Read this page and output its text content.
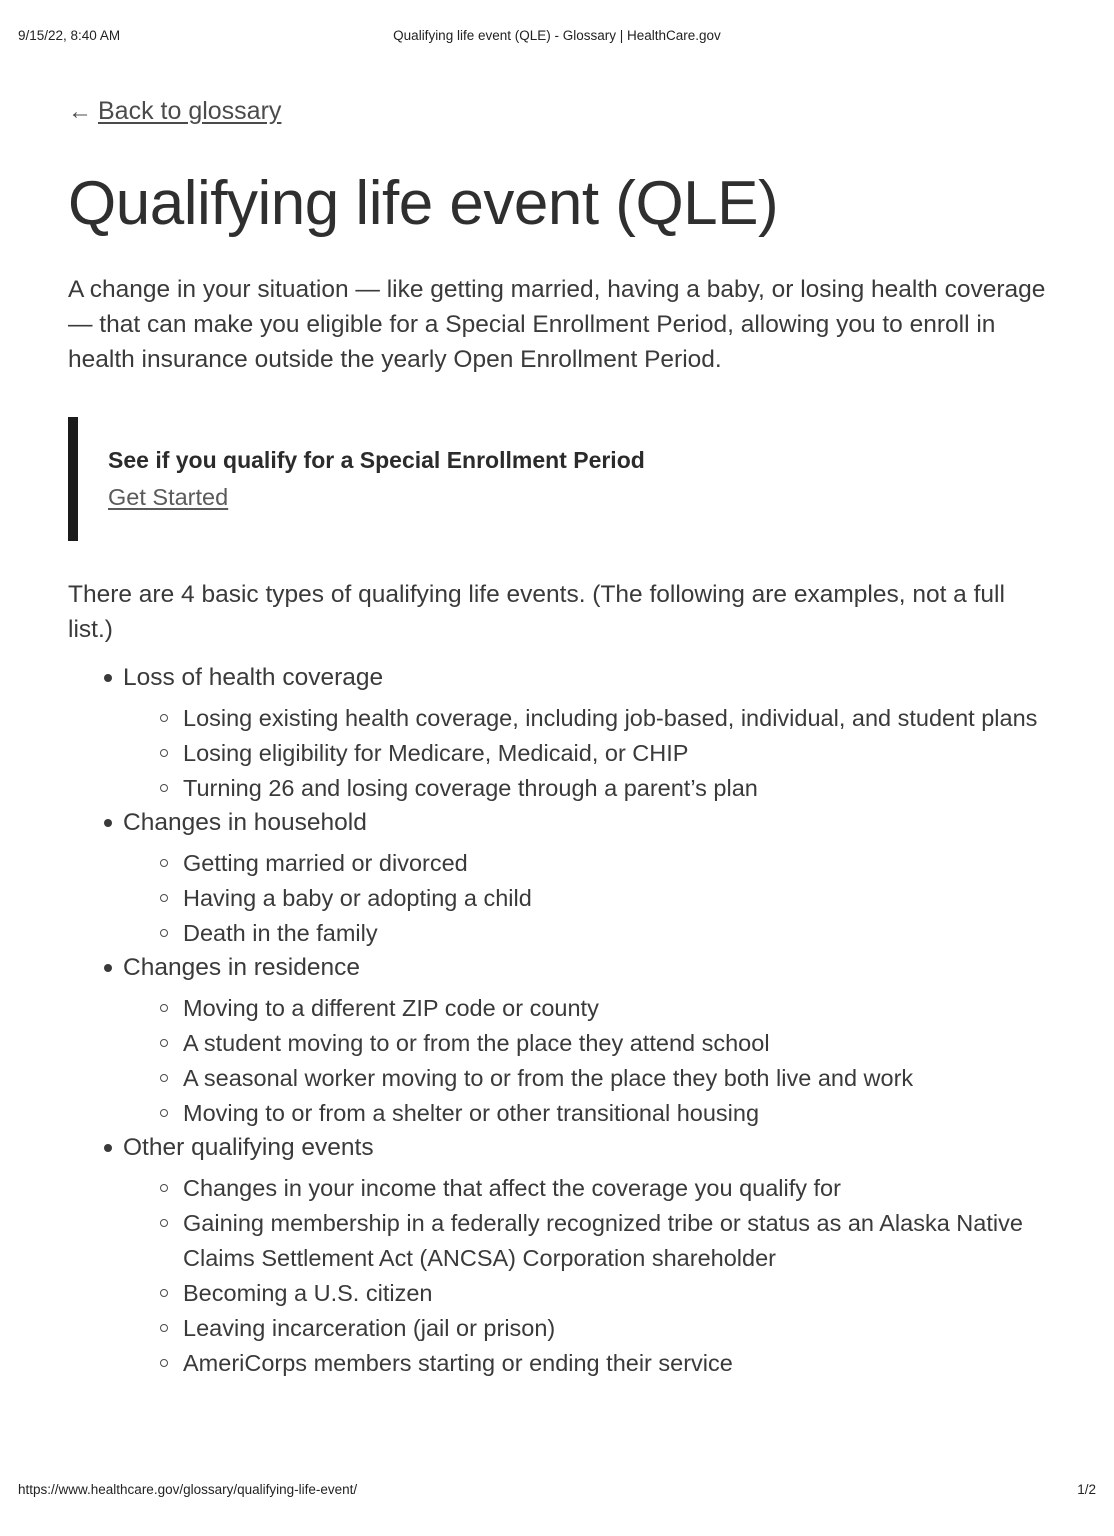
9/15/22, 8:40 AM	Qualifying life event (QLE) - Glossary | HealthCare.gov
← Back to glossary
Qualifying life event (QLE)

A change in your situation — like getting married, having a baby, or losing health coverage — that can make you eligible for a Special Enrollment Period, allowing you to enroll in health insurance outside the yearly Open Enrollment Period.

See if you qualify for a Special Enrollment Period
Get Started

There are 4 basic types of qualifying life events. (The following are examples, not a full list.)

Loss of health coverage
Losing existing health coverage, including job-based, individual, and student plans
Losing eligibility for Medicare, Medicaid, or CHIP
Turning 26 and losing coverage through a parent’s plan
Changes in household
Getting married or divorced
Having a baby or adopting a child
Death in the family
Changes in residence
Moving to a different ZIP code or county
A student moving to or from the place they attend school
A seasonal worker moving to or from the place they both live and work
Moving to or from a shelter or other transitional housing
Other qualifying events
Changes in your income that affect the coverage you qualify for
Gaining membership in a federally recognized tribe or status as an Alaska Native Claims Settlement Act (ANCSA) Corporation shareholder
Becoming a U.S. citizen
Leaving incarceration (jail or prison)
AmeriCorps members starting or ending their service
https://www.healthcare.gov/glossary/qualifying-life-event/	1/2
